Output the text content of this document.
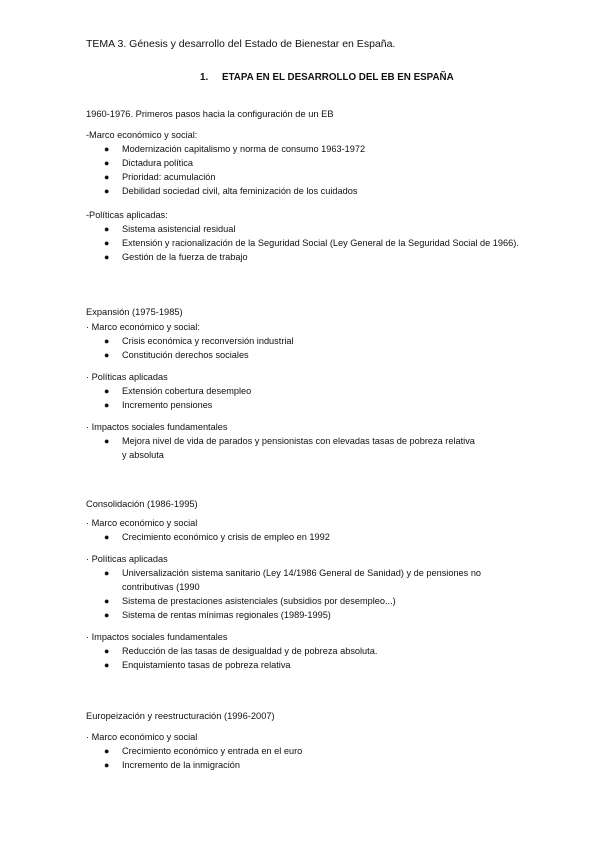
TEMA 3. Génesis y desarrollo del Estado de Bienestar en España.
1. ETAPA EN EL DESARROLLO DEL EB EN ESPAÑA
1960-1976. Primeros pasos hacia la configuración de un EB
-Marco económico y social:
● Modernización capitalismo y norma de consumo 1963-1972
● Dictadura política
● Prioridad: acumulación
● Debilidad sociedad civil, alta feminización de los cuidados
-Políticas aplicadas:
● Sistema asistencial residual
● Extensión y racionalización de la Seguridad Social (Ley General de la Seguridad Social de 1966).
● Gestión de la fuerza de trabajo
Expansión (1975-1985)
· Marco económico y social:
● Crisis económica y reconversión industrial
● Constitución derechos sociales
· Políticas aplicadas
● Extensión cobertura desempleo
● Incremento pensiones
· Impactos sociales fundamentales
● Mejora nivel de vida de parados y pensionistas con elevadas tasas de pobreza relativa y absoluta
Consolidación (1986-1995)
· Marco económico y social
● Crecimiento económico y crisis de empleo en 1992
· Políticas aplicadas
● Universalización sistema sanitario (Ley 14/1986 General de Sanidad) y de pensiones no contributivas (1990
● Sistema de prestaciones asistenciales (subsidios por desempleo...)
● Sistema de rentas mínimas regionales (1989-1995)
· Impactos sociales fundamentales
● Reducción de las tasas de desigualdad y de pobreza absoluta.
● Enquistamiento tasas de pobreza relativa
Europeización y reestructuración (1996-2007)
· Marco económico y social
● Crecimiento económico y entrada en el euro
● Incremento de la inmigración
